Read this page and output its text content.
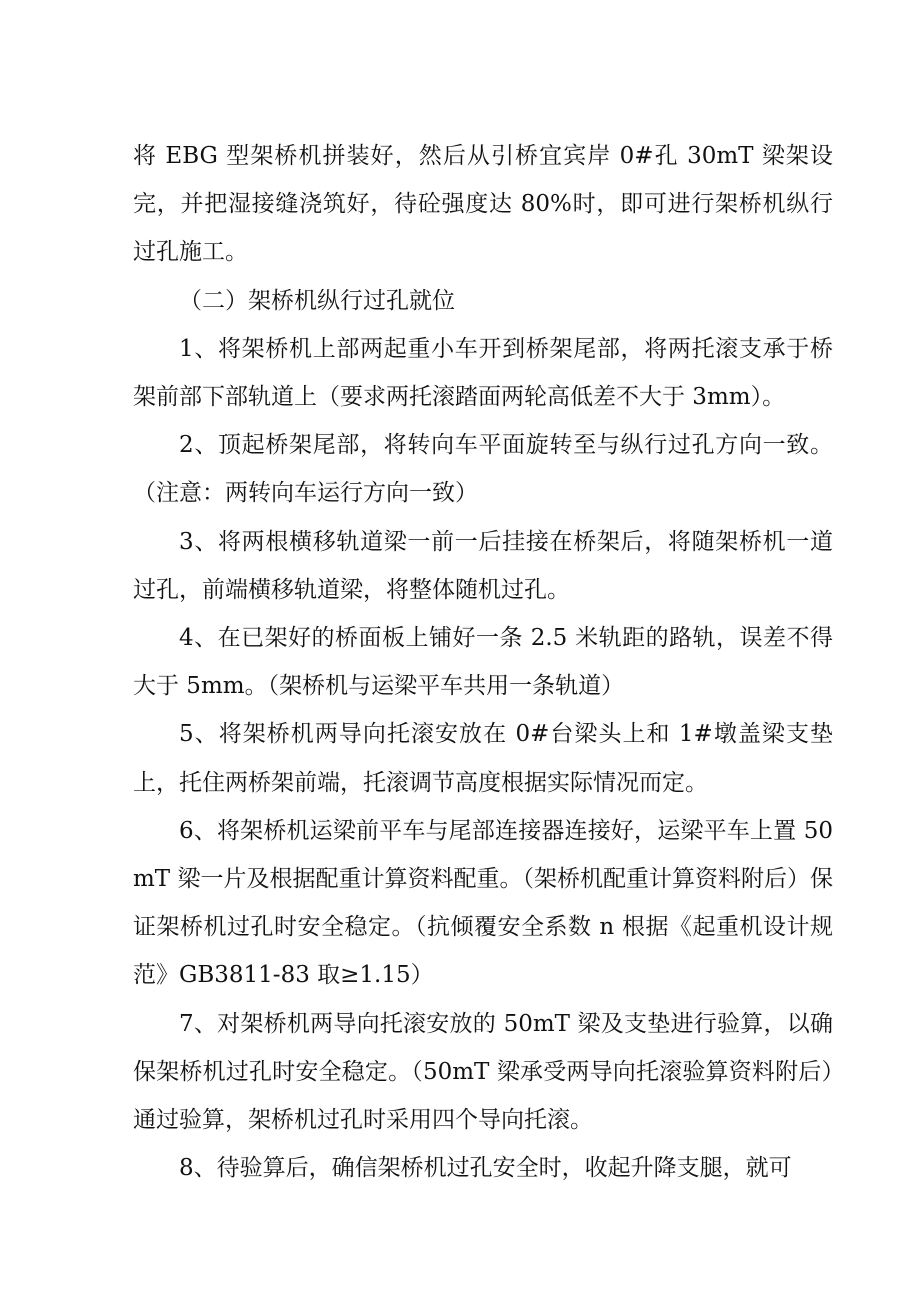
将 EBG 型架桥机拼装好，然后从引桥宜宾岸 0#孔 30mT 梁架设完，并把湿接缝浇筑好，待砼强度达 80%时，即可进行架桥机纵行过孔施工。

（二）架桥机纵行过孔就位

1、将架桥机上部两起重小车开到桥架尾部，将两托滚支承于桥架前部下部轨道上（要求两托滚踏面两轮高低差不大于 3mm）。

2、顶起桥架尾部，将转向车平面旋转至与纵行过孔方向一致。（注意：两转向车运行方向一致）

3、将两根横移轨道梁一前一后挂接在桥架后，将随架桥机一道过孔，前端横移轨道梁，将整体随机过孔。

4、在已架好的桥面板上铺好一条 2.5 米轨距的路轨，误差不得大于 5mm。（架桥机与运梁平车共用一条轨道）

5、将架桥机两导向托滚安放在 0#台梁头上和 1#墩盖梁支垫上，托住两桥架前端，托滚调节高度根据实际情况而定。

6、将架桥机运梁前平车与尾部连接器连接好，运梁平车上置 50mT 梁一片及根据配重计算资料配重。（架桥机配重计算资料附后）保证架桥机过孔时安全稳定。（抗倾覆安全系数 n 根据《起重机设计规范》GB3811-83 取≥1.15）

7、对架桥机两导向托滚安放的 50mT 梁及支垫进行验算，以确保架桥机过孔时安全稳定。（50mT 梁承受两导向托滚验算资料附后）通过验算，架桥机过孔时采用四个导向托滚。

8、待验算后，确信架桥机过孔安全时，收起升降支腿，就可
